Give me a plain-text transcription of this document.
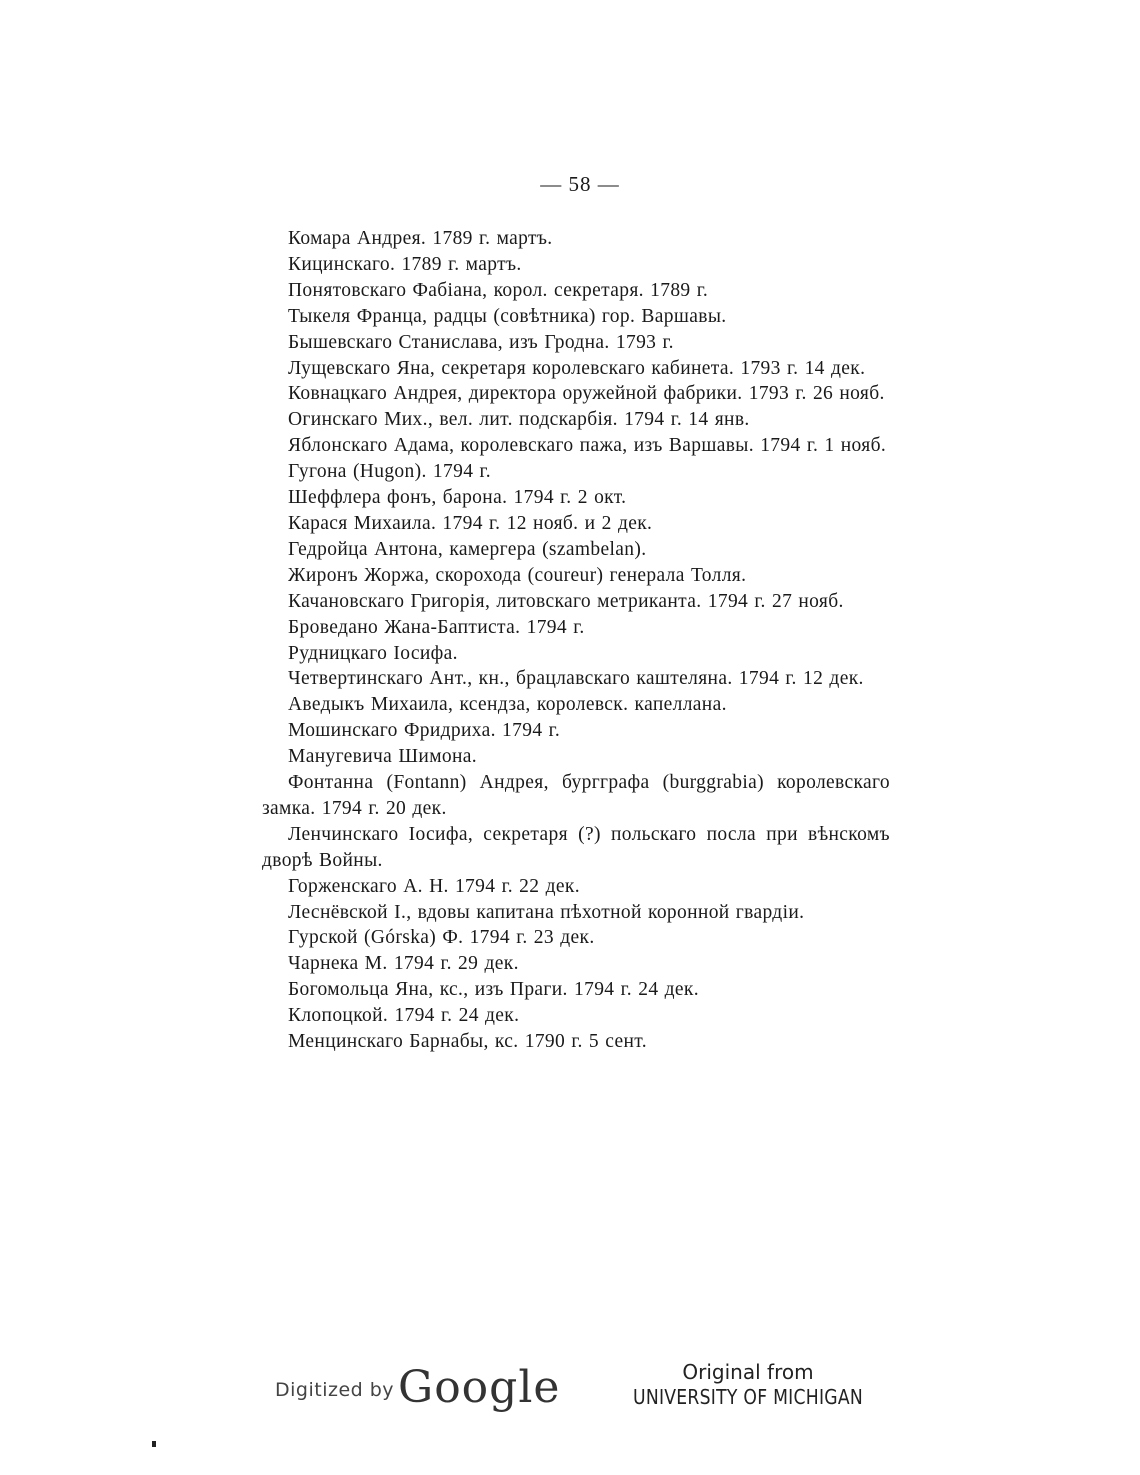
— 58 —
Комара Андрея. 1789 г. мартъ.
Кицинскаго. 1789 г. мартъ.
Понятовскаго Фабіана, корол. секретаря. 1789 г.
Тыкеля Франца, радцы (совѣтника) гор. Варшавы.
Бышевскаго Станислава, изъ Гродна. 1793 г.
Лущевскаго Яна, секретаря королевскаго кабинета. 1793 г. 14 дек.
Ковнацкаго Андрея, директора оружейной фабрики. 1793 г. 26 нояб.
Огинскаго Мих., вел. лит. подскарбія. 1794 г. 14 янв.
Яблонскаго Адама, королевскаго пажа, изъ Варшавы. 1794 г. 1 нояб.
Гугона (Hugon). 1794 г.
Шеффлера фонъ, барона. 1794 г. 2 окт.
Карася Михаила. 1794 г. 12 нояб. и 2 дек.
Гедройца Антона, камергера (szambelan).
Жиронъ Жоржа, скорохода (coureur) генерала Толля.
Качановскаго Григорія, литовскаго метриканта. 1794 г. 27 нояб.
Броведано Жана-Баптиста. 1794 г.
Рудницкаго Іосифа.
Четвертинскаго Ант., кн., брацлавскаго каштеляна. 1794 г. 12 дек.
Аведыкъ Михаила, ксендза, королевск. капеллана.
Мошинскаго Фридриха. 1794 г.
Манугевича Шимона.
Фонтанна (Fontann) Андрея, бургграфа (burggrabia) королевскаго замка. 1794 г. 20 дек.
Ленчинскаго Іосифа, секретаря (?) польскаго посла при вѣнскомъ дворѣ Войны.
Горженскаго А. Н. 1794 г. 22 дек.
Леснёвской І., вдовы капитана пѣхотной коронной гвардіи.
Гурской (Górska) Ф. 1794 г. 23 дек.
Чарнека М. 1794 г. 29 дек.
Богомольца Яна, кс., изъ Праги. 1794 г. 24 дек.
Клопоцкой. 1794 г. 24 дек.
Менцинскаго Барнабы, кс. 1790 г. 5 сент.
Digitized by Google	Original from
UNIVERSITY OF MICHIGAN
